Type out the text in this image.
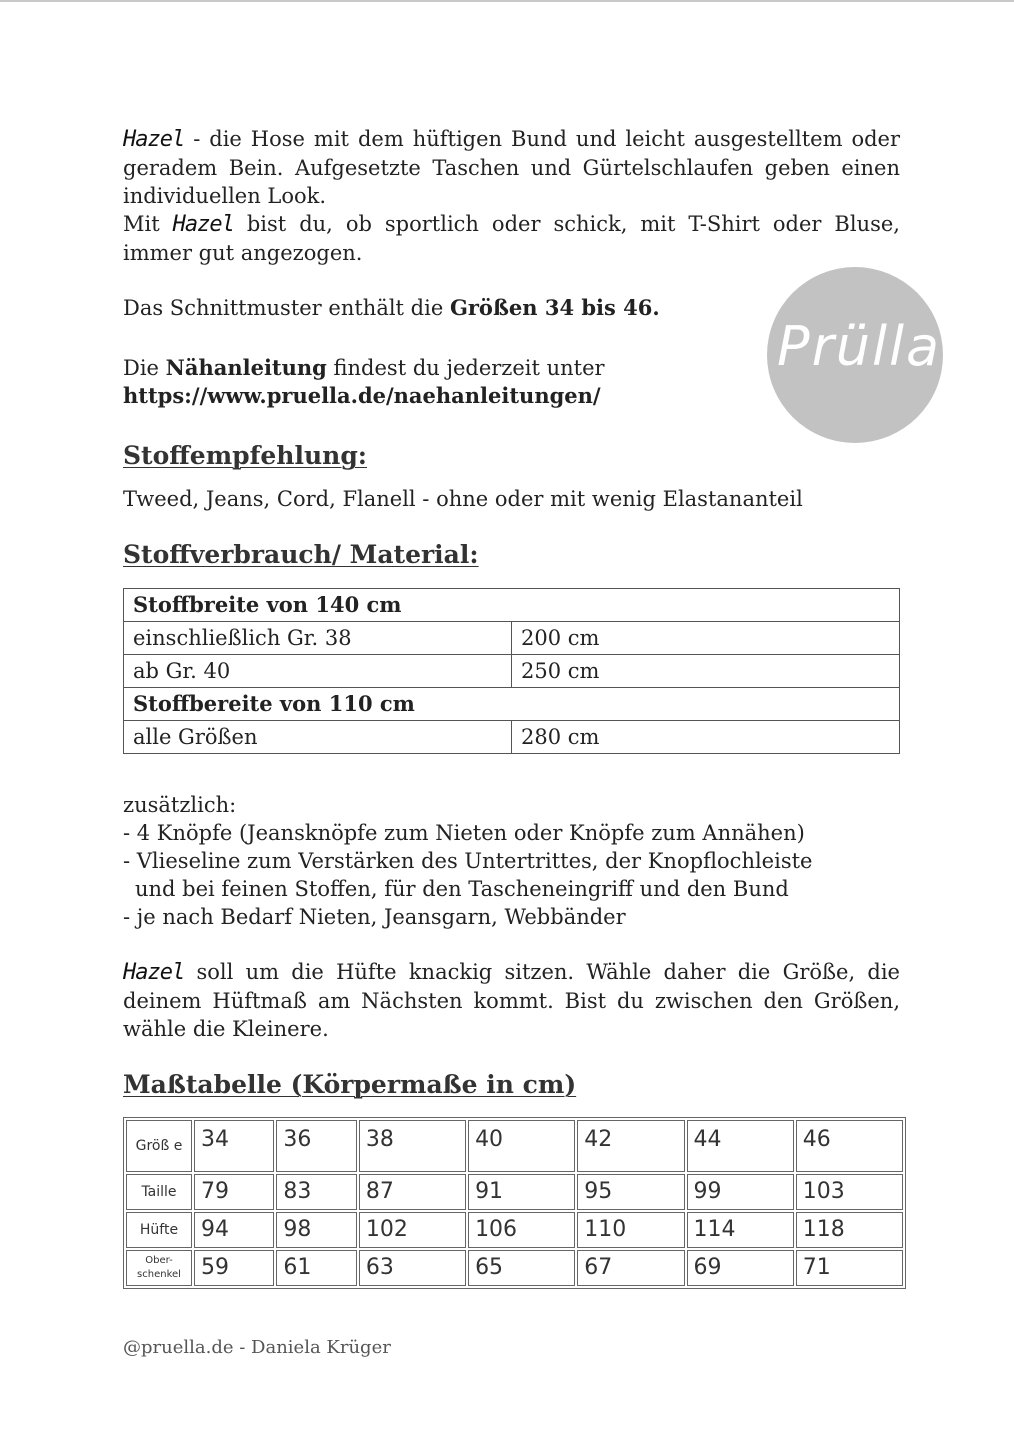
Hazel - die Hose mit dem hüftigen Bund und leicht ausgestelltem oder geradem Bein. Aufgesetzte Taschen und Gürtelschlaufen geben einen individuellen Look.
Mit Hazel bist du, ob sportlich oder schick, mit T-Shirt oder Bluse, immer gut angezogen.

Das Schnittmuster enthält die Größen 34 bis 46.

Die Nähanleitung findest du jederzeit unter
https://www.pruella.de/naehanleitungen/

Prülla
Stoffempfehlung:

Tweed, Jeans, Cord, Flanell - ohne oder mit wenig Elastananteil

Stoffverbrauch/ Material:
Stoffbreite von 140 cm	
einschließlich Gr. 38	200 cm
ab Gr. 40	250 cm
Stoffbereite von 110 cm	
alle Größen	280 cm

zusätzlich:
- 4 Knöpfe (Jeansknöpfe zum Nieten oder Knöpfe zum Annähen)
- Vlieseline zum Verstärken des Untertrittes, der Knopflochleiste
und bei feinen Stoffen, für den Tascheneingriff und den Bund
- je nach Bedarf Nieten, Jeansgarn, Webbänder

Hazel soll um die Hüfte knackig sitzen. Wähle daher die Größe, die deinem Hüftmaß am Nächsten kommt. Bist du zwischen den Größen, wähle die Kleinere.

Maßtabelle (Körpermaße in cm)
Größ e	34	36	38	40	42	44	46
Taille	79	83	87	91	95	99	103
Hüfte	94	98	102	106	110	114	118
Ober-schenkel	59	61	63	65	67	69	71

@pruella.de - Daniela Krüger
